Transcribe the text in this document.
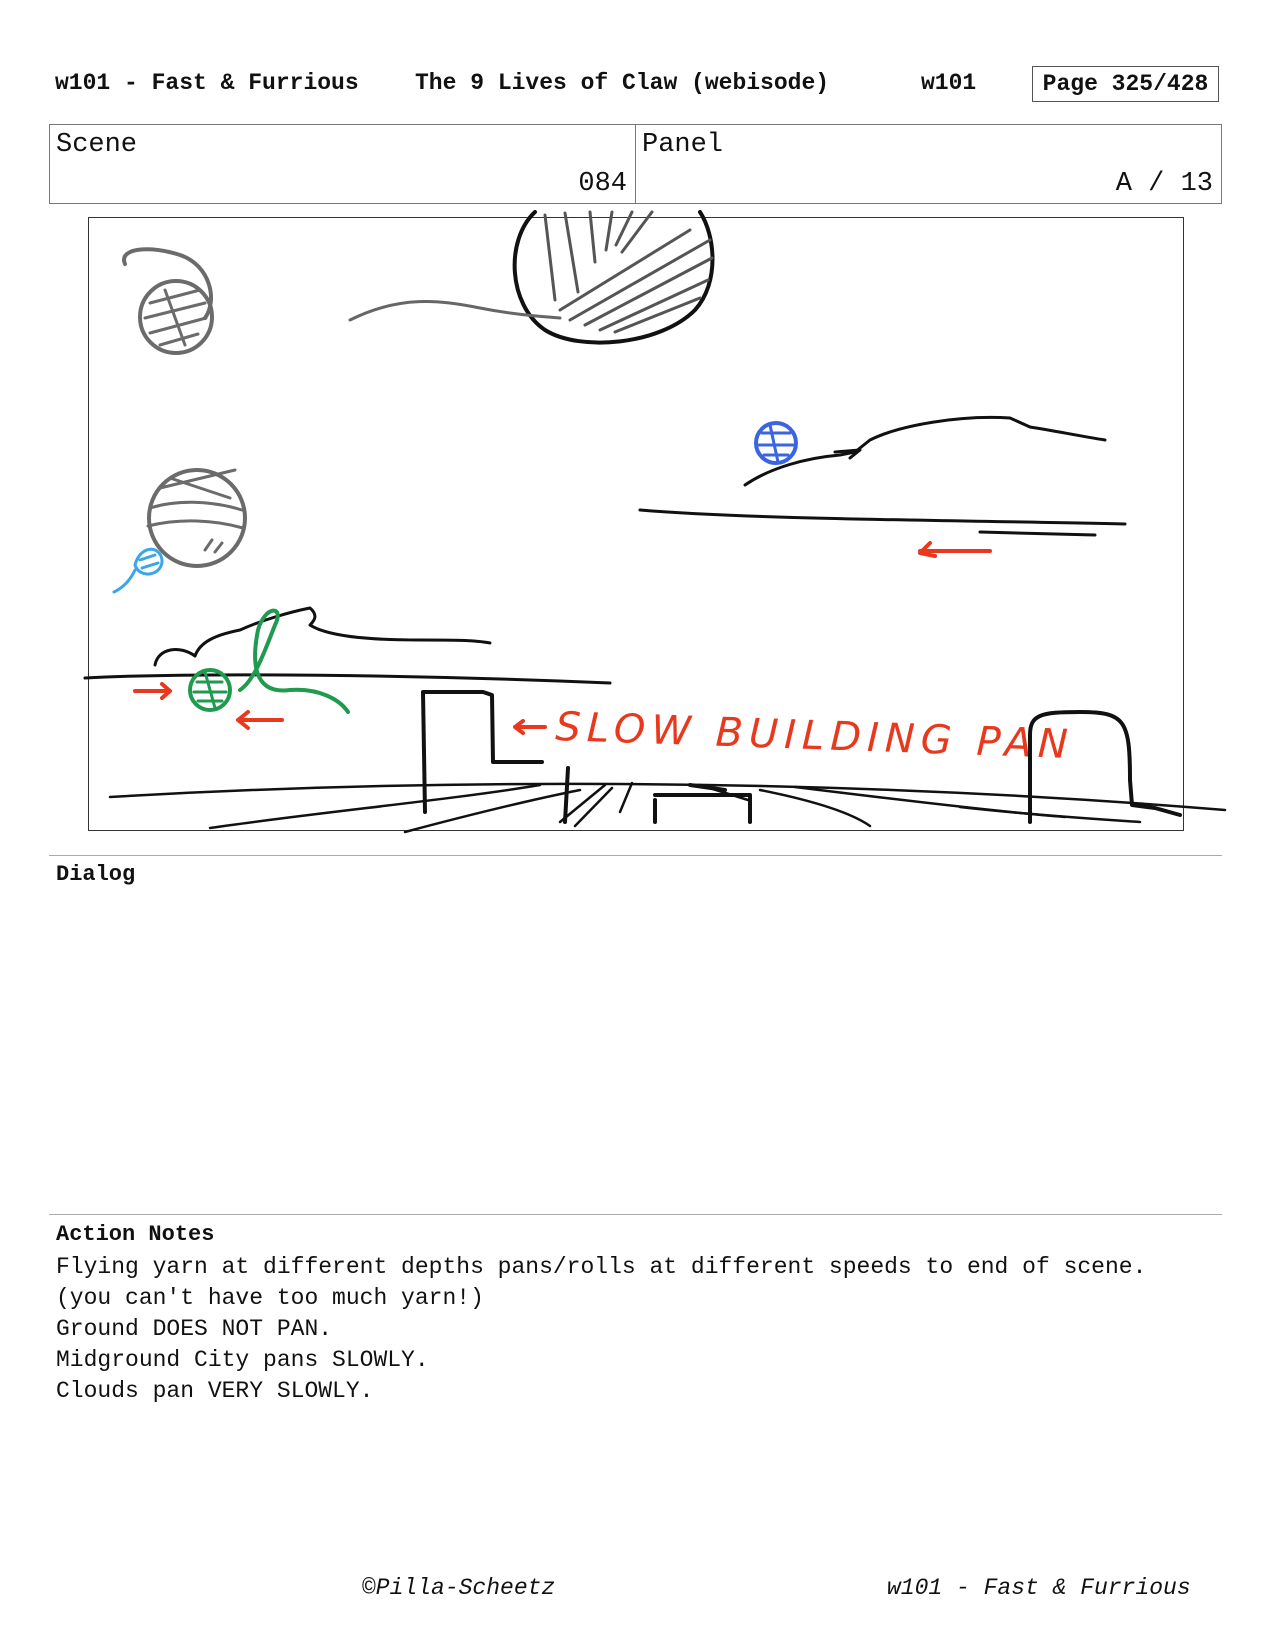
w101 - Fast & Furrious The 9 Lives of Claw (webisode)	w101	Page 325/428
Scene
084
Panel
A / 13
SLOW BUILDING PAN
Dialog
Action Notes
Flying yarn at different depths pans/rolls at different speeds to end of scene. (you can't have too much yarn!)
Ground DOES NOT PAN.
Midground City pans SLOWLY.
Clouds pan VERY SLOWLY.
©Pilla-Scheetz	w101 - Fast & Furrious
